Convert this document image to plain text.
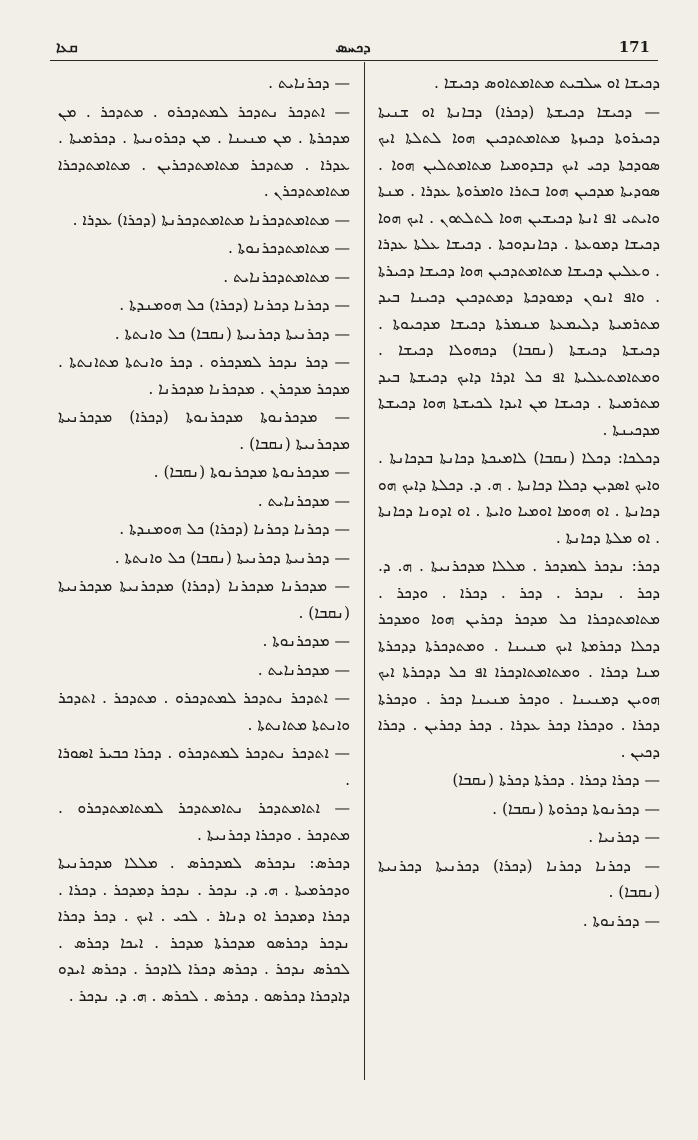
ܩܥܐ	ܕܟܚܣ	171

ܕܟܝܫܐ ܐܘ ܚܠܒܝܬ ܡܬܐܡܬܐܘܣ ܕܟܝܫܐ .

— ܕܟܝܫܐ ܕܟܝܫܬܐ (ܕܟܪܐ) ܕܒܐܢܬܐ ܐܘ ܫܢܝܬܐ ܕܟܝܪܘܬܐ ܕܟܝܙܬܐ ܡܬܐܡܬܕܟܝܢ ܗܘܐ ܠܬܠܬܐ ܐܝܟ ܣܘܕܟܬܐ ܕܟܝ ܐܝܟ ܕܒܕܘܡܝܐ ܡܬܐܡܬܠܝܢ ܗܘܐ . ܣܘܕܝܬܐ ܡܕܟܝܢ ܗܘܐ ܒܬܪܐ ܘܐܡܪܘܬܐ ܥܕܪܐ . ܡܢܬܐ ܘܐܝܬܝ ܐܦ ܐܢܬܐ ܕܟܝܫܝܢ ܗܘܐ ܠܬܠܬܘܢ . ܐܝܟ ܗܘܐ ܕܟܝܫܐ ܕܡܘܥܬܐ . ܕܟܐܢܕܘܟܬܐ . ܕܟܝܫܐ ܥܠܬܐ ܥܕܪܐ . ܘܥܠܝܢ ܕܟܝܫܐ ܡܬܐܡܬܕܟܝܢ ܗܘܐ ܕܟܝܫܐ ܕܟܝܪܬܐ . ܘܐܦ ܐܢܘܢ ܕܡܘܕܟܬܐ ܕܡܬܕܟܝܢ ܕܟܝܢܐ ܒܝܕ ܡܬܪܡܝܬܐ ܕܠܝܡܥܬܐ ܡܢܡܪܬܐ ܕܟܝܫܐ ܡܕܟܝܘܬܐ . ܕܟܝܫܬܐ ܕܟܝܫܬܐ (ܢܩܒܐ) ܕܟܗܘܠܐ ܕܟܝܫܐ . ܘܡܬܐܡܬܥܠܝܬܐ ܐܦ ܟܠ ܐܕܪܐ ܕܐܝܟ ܕܟܝܫܬܐ ܒܝܕ ܡܬܪܡܝܬܐ . ܕܟܝܫܐ ܡܢ ܐܝܕܐ ܠܟܝܫܬܐ ܗܘܐ ܕܟܝܫܬܐ ܡܕܟܝܢܬܐ .

ܕܟܠܟܐ: ܕܟܠܐ (ܢܩܒܐ) ܠܐܡܝܟܬܐ ܕܟܐܢܬܐ ܒܕܟܐܢܬܐ . ܘܐܝܟ ܐܣܕܝܢ ܕܟܠܐ ܕܟܐܢܬܐ . ܗ. ܕ. ܕܟܠܬܐ ܕܐܝܟ ܗܘ ܕܟܐܢܬܐ . ܐܘ ܗܘܡܐ ܐܘܡܝܐ ܘܐܝܬܐ . ܐܘ ܐܕܘܢܐ ܕܟܐܢܬܐ . ܐܘ ܡܠܬܐ ܕܟܐܢܬܐ .

ܕܟܪ: ܢܕܟܪ ܠܡܕܟܪ . ܡܠܠܐ ܡܕܟܪܢܝܬܐ . ܗ. ܕ. ܕܟܪ . ܢܕܟܪ . ܕܟܪ . ܕܟܪܐ . ܘܕܟܪ . ܡܬܐܡܬܕܟܪܐ ܟܠ ܡܕܟܪ ܕܟܪܝܢ ܗܘܐ ܘܡܕܟܪ ܕܟܠܐ ܕܟܪܡܬܐ ܐܝܟ ܡܢܝܢܐ . ܘܡܬܕܟܪܬܐ ܕܕܟܪܬܐ ܡܢܐ ܕܟܪܐ . ܘܡܬܐܡܬܐܕܟܪܐ ܐܦ ܟܠ ܕܕܟܪܬܐ ܐܝܟ ܗܘܝܢ ܕܡܢܝܢܐ . ܘܕܟܪ ܡܢܝܢܐ ܕܟܪ . ܘܕܟܪܬܐ ܕܟܪܐ . ܘܕܟܪܐ ܕܟܪ ܥܕܪܐ . ܕܟܪ ܕܟܪܝܢ . ܕܟܪܐ ܕܟܝܢ .

— ܕܟܪܐ ܕܟܪܐ . ܕܟܪܬܐ ܕܟܪܬܐ (ܢܩܒܐ)

— ܕܟܪܢܘܬܐ ܕܟܪܘܬܐ (ܢܩܒܐ) .

— ܕܟܪܢܝܐ .

— ܕܟܪܢܐ ܕܟܪܢܐ (ܕܟܪܐ) ܕܟܪܢܝܬܐ ܕܟܪܢܝܬܐ (ܢܩܒܐ) .

— ܕܟܪܢܘܬܐ .

— ܕܟܪܢܐܝܬ .

— ܐܬܕܟܪ ܢܬܕܟܪ ܠܡܬܕܟܪܘ . ܡܬܕܟܪ . ܡܢ ܡܕܟܪܬܐ . ܡܢ ܡܢܝܢܐ . ܡܢ ܕܟܪܘܢܝܬܐ . ܕܟܪܡܝܬܐ . ܥܕܪܐ . ܡܬܕܟܪ ܡܬܐܡܬܕܟܪܝܢ . ܡܬܐܡܬܕܟܪܐ ܡܬܐܡܬܕܟܪܢ .

— ܡܬܐܡܬܕܟܪܢܐ ܡܬܐܡܬܕܟܪܢܬܐ (ܕܟܪܐ) ܥܕܪܐ .

— ܡܬܐܡܬܕܟܪܢܘܬܐ .

— ܡܬܐܡܬܕܟܪܢܐܝܬ .

— ܕܟܪܢܐ ܕܟܪܢܐ (ܕܟܪܐ) ܟܠ ܗܘܡܢܕܬܐ .

— ܕܟܪܢܝܬܐ ܕܟܪܢܝܬܐ (ܢܩܒܐ) ܟܠ ܘܐܢܬܬܐ .

— ܕܟܪ ܢܕܟܪ ܠܡܕܟܪܘ . ܕܟܪ ܘܐܢܬܬܐ ܡܬܐܢܬܬܐ . ܡܕܟܪ ܡܕܟܪܢ . ܡܕܟܪܢܐ ܡܕܟܪܢܐ .

— ܡܕܟܪܢܘܬܐ ܡܕܟܪܢܘܬܐ (ܕܟܪܐ) ܡܕܟܪܢܝܬܐ ܡܕܟܪܢܝܬܐ (ܢܩܒܐ) .

— ܡܕܟܪܢܘܬܐ ܡܕܟܪܢܘܬܐ (ܢܩܒܐ) .

— ܡܕܟܪܢܐܝܬ .

— ܕܟܪܢܐ ܕܟܪܢܐ (ܕܟܪܐ) ܟܠ ܗܘܡܢܕܬܐ .

— ܕܟܪܢܝܬܐ ܕܟܪܢܝܬܐ (ܢܩܒܐ) ܟܠ ܘܐܢܬܬܐ .

— ܡܕܟܪܢܐ ܡܕܟܪܢܐ (ܕܟܪܐ) ܡܕܟܪܢܝܬܐ ܡܕܟܪܢܝܬܐ (ܢܩܒܐ) .

— ܡܕܟܪܢܘܬܐ .

— ܡܕܟܪܢܐܝܬ .

— ܐܬܕܟܪ ܢܬܕܟܪ ܠܡܬܕܟܪܘ . ܡܬܕܟܪ . ܐܬܕܟܪ ܘܐܢܬܬܐ ܡܬܐܢܬܬܐ .

— ܐܬܕܟܪ ܢܬܕܟܪ ܠܡܬܕܟܪܘ . ܕܟܪܐ ܟܒܝܪ ܐܣܘܪܐ .

— ܐܬܐܡܬܕܟܪ ܢܬܐܡܬܕܟܪ ܠܡܬܐܡܬܕܟܪܘ . ܡܬܕܟܪ . ܘܕܟܪܐ ܕܟܪܢܝܬܐ .

ܕܟܪܣ: ܢܕܟܪܣ ܠܡܕܟܪܣ . ܡܠܠܐ ܡܕܟܪܢܝܬܐ ܘܕܟܪܡܝܬܐ . ܗ. ܕ. ܢܕܟܪ . ܢܕܟܪ ܕܡܕܟܪ . ܕܟܪܐ . ܕܟܪܐ ܕܡܕܟܪ ܐܘ ܕܢܐܪ . ܠܟܝ . ܐܝܟ . ܕܟܪ ܕܟܪܐ ܢܕܟܪ ܕܟܪܣܘ ܡܕܟܪܬܐ ܡܕܟܪ . ܐܝܟܐ ܕܟܪܣ . ܠܟܪܣ ܢܕܟܪ . ܕܟܪܣ ܕܟܪܐ ܠܐܕܟܪ . ܕܟܪܣ ܐܝܕܘ ܕܐܕܟܪܐ ܕܟܪܣܘ . ܕܟܪܣ . ܠܟܪܣ . ܗ. ܕ. ܢܕܟܪ .
